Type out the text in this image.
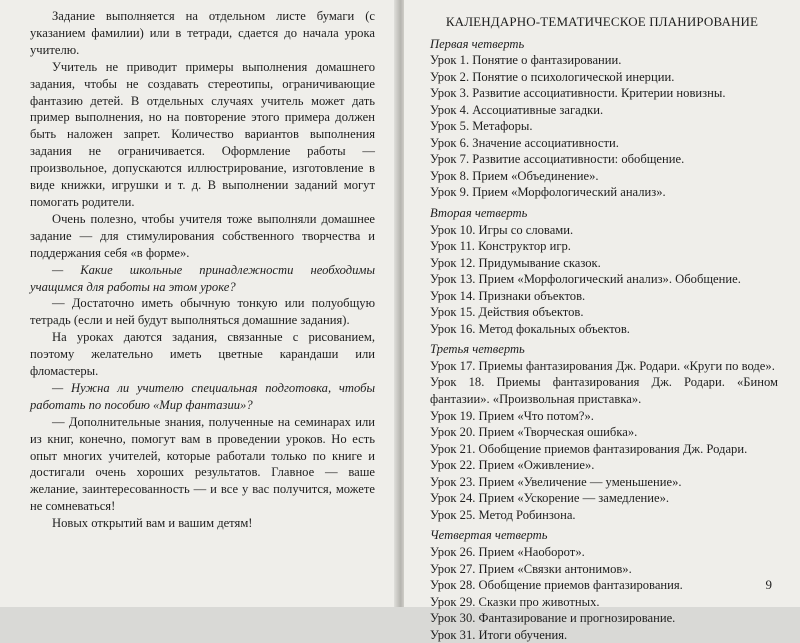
Задание выполняется на отдельном листе бумаги (с указанием фамилии) или в тетради, сдается до начала урока учителю.

Учитель не приводит примеры выполнения домашнего задания, чтобы не создавать стереотипы, ограничивающие фантазию детей. В отдельных случаях учитель может дать пример выполнения, но на повторение этого примера должен быть наложен запрет. Количество вариантов выполнения задания не ограничивается. Оформление работы — произвольное, допускаются иллюстрирование, изготовление в виде книжки, игрушки и т. д. В выполнении заданий могут помогать родители.

Очень полезно, чтобы учителя тоже выполняли домашнее задание — для стимулирования собственного творчества и поддержания себя «в форме».

— Какие школьные принадлежности необходимы учащимся для работы на этом уроке?

— Достаточно иметь обычную тонкую или полуобщую тетрадь (если и ней будут выполняться домашние задания).

На уроках даются задания, связанные с рисованием, поэтому желательно иметь цветные карандаши или фломастеры.

— Нужна ли учителю специальная подготовка, чтобы работать по пособию «Мир фантазии»?

— Дополнительные знания, полученные на семинарах или из книг, конечно, помогут вам в проведении уроков. Но есть опыт многих учителей, которые работали только по книге и достигали очень хороших результатов. Главное — ваше желание, заинтересованность — и все у вас получится, можете не сомневаться!

Новых открытий вам и вашим детям!

КАЛЕНДАРНО-ТЕМАТИЧЕСКОЕ ПЛАНИРОВАНИЕ
Первая четверть
Урок 1. Понятие о фантазировании.
Урок 2. Понятие о психологической инерции.
Урок 3. Развитие ассоциативности. Критерии новизны.
Урок 4. Ассоциативные загадки.
Урок 5. Метафоры.
Урок 6. Значение ассоциативности.
Урок 7. Развитие ассоциативности: обобщение.
Урок 8. Прием «Объединение».
Урок 9. Прием «Морфологический анализ».
Вторая четверть
Урок 10. Игры со словами.
Урок 11. Конструктор игр.
Урок 12. Придумывание сказок.
Урок 13. Прием «Морфологический анализ». Обобщение.
Урок 14. Признаки объектов.
Урок 15. Действия объектов.
Урок 16. Метод фокальных объектов.
Третья четверть
Урок 17. Приемы фантазирования Дж. Родари. «Круги по воде».
Урок 18. Приемы фантазирования Дж. Родари. «Бином фантазии». «Произвольная приставка».
Урок 19. Прием «Что потом?».
Урок 20. Прием «Творческая ошибка».
Урок 21. Обобщение приемов фантазирования Дж. Родари.
Урок 22. Прием «Оживление».
Урок 23. Прием «Увеличение — уменьшение».
Урок 24. Прием «Ускорение — замедление».
Урок 25. Метод Робинзона.
Четвертая четверть
Урок 26. Прием «Наоборот».
Урок 27. Прием «Связки антонимов».
Урок 28. Обобщение приемов фантазирования.
Урок 29. Сказки про животных.
Урок 30. Фантазирование и прогнозирование.
Урок 31. Итоги обучения.
9
